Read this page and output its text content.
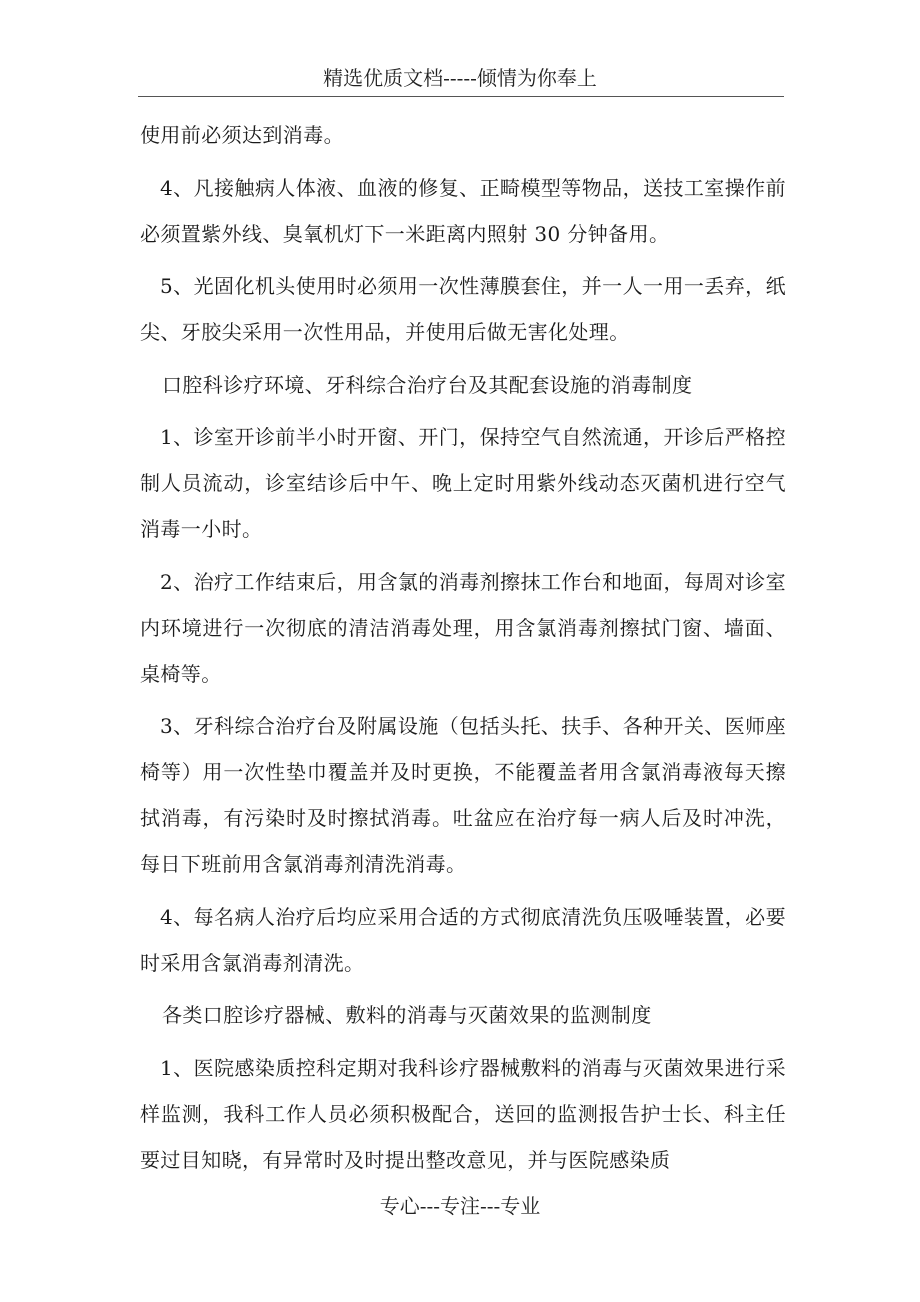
精选优质文档-----倾情为你奉上

使用前必须达到消毒。

4、凡接触病人体液、血液的修复、正畸模型等物品，送技工室操作前必须置紫外线、臭氧机灯下一米距离内照射 30 分钟备用。

5、光固化机头使用时必须用一次性薄膜套住，并一人一用一丢弃，纸尖、牙胶尖采用一次性用品，并使用后做无害化处理。

口腔科诊疗环境、牙科综合治疗台及其配套设施的消毒制度

1、诊室开诊前半小时开窗、开门，保持空气自然流通，开诊后严格控制人员流动，诊室结诊后中午、晚上定时用紫外线动态灭菌机进行空气消毒一小时。

2、治疗工作结束后，用含氯的消毒剂擦抹工作台和地面，每周对诊室内环境进行一次彻底的清洁消毒处理，用含氯消毒剂擦拭门窗、墙面、桌椅等。

3、牙科综合治疗台及附属设施（包括头托、扶手、各种开关、医师座椅等）用一次性垫巾覆盖并及时更换，不能覆盖者用含氯消毒液每天擦拭消毒，有污染时及时擦拭消毒。吐盆应在治疗每一病人后及时冲洗，每日下班前用含氯消毒剂清洗消毒。

4、每名病人治疗后均应采用合适的方式彻底清洗负压吸唾装置，必要时采用含氯消毒剂清洗。

各类口腔诊疗器械、敷料的消毒与灭菌效果的监测制度

1、医院感染质控科定期对我科诊疗器械敷料的消毒与灭菌效果进行采样监测，我科工作人员必须积极配合，送回的监测报告护士长、科主任要过目知晓，有异常时及时提出整改意见，并与医院感染质

专心---专注---专业
